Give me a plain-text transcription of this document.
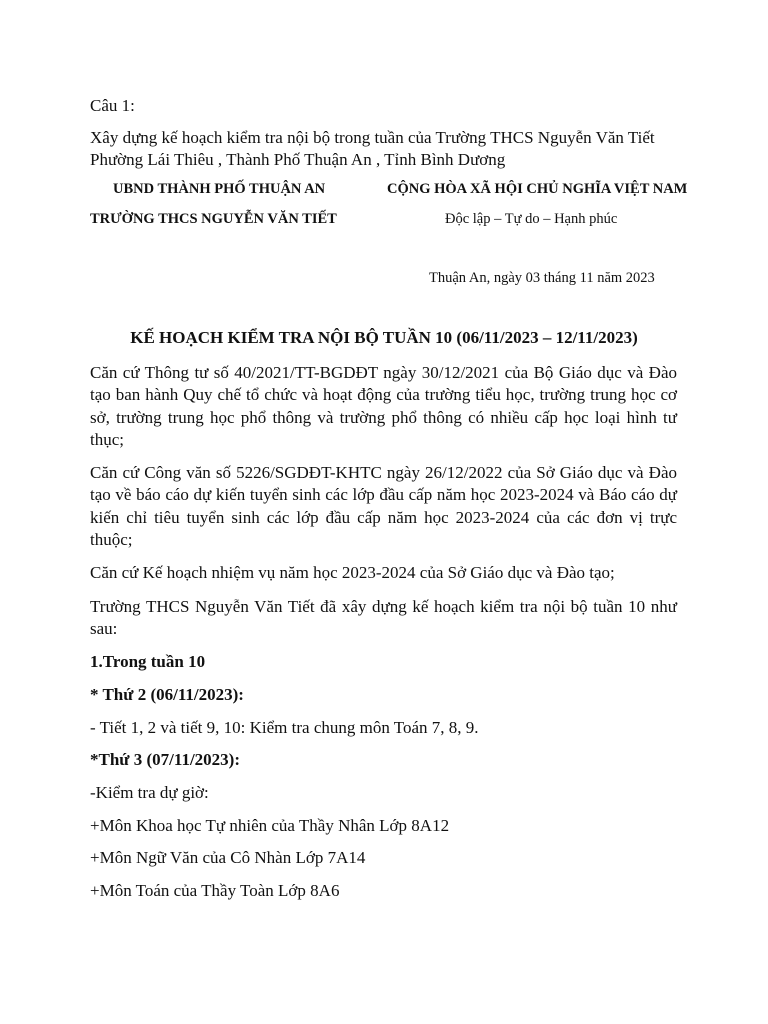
Câu 1:
Xây dựng kế hoạch kiểm tra nội bộ trong tuần của Trường THCS Nguyễn Văn Tiết
Phường Lái Thiêu , Thành Phố Thuận An , Tỉnh Bình Dương
UBND THÀNH PHỐ THUẬN AN	CỘNG HÒA XÃ HỘI CHỦ NGHĨA VIỆT NAM
TRƯỜNG THCS NGUYỄN VĂN TIẾT	Độc lập – Tự do – Hạnh phúc
Thuận An, ngày 03 tháng 11 năm 2023
KẾ HOẠCH KIỂM TRA NỘI BỘ TUẦN 10 (06/11/2023 – 12/11/2023)
Căn cứ Thông tư số 40/2021/TT-BGDĐT ngày 30/12/2021 của Bộ Giáo dục và Đào tạo ban hành Quy chế tổ chức và hoạt động của trường tiểu học, trường trung học cơ sở, trường trung học phổ thông và trường phổ thông có nhiều cấp học loại hình tư thục;
Căn cứ Công văn số 5226/SGDĐT-KHTC ngày 26/12/2022 của Sở Giáo dục và Đào tạo về báo cáo dự kiến tuyển sinh các lớp đầu cấp năm học 2023-2024 và Báo cáo dự kiến chỉ tiêu tuyển sinh các lớp đầu cấp năm học 2023-2024 của các đơn vị trực thuộc;
Căn cứ Kế hoạch nhiệm vụ năm học 2023-2024 của Sở Giáo dục và Đào tạo;
Trường THCS Nguyễn Văn Tiết đã xây dựng kế hoạch kiểm tra nội bộ tuần 10 như sau:
1.Trong tuần 10
* Thứ 2 (06/11/2023):
- Tiết 1, 2 và tiết 9, 10: Kiểm tra chung môn Toán 7, 8, 9.
*Thứ 3 (07/11/2023):
-Kiểm tra dự giờ:
+Môn Khoa học Tự nhiên của Thầy Nhân Lớp 8A12
+Môn Ngữ Văn của Cô Nhàn Lớp 7A14
+Môn Toán của Thầy Toàn Lớp 8A6
